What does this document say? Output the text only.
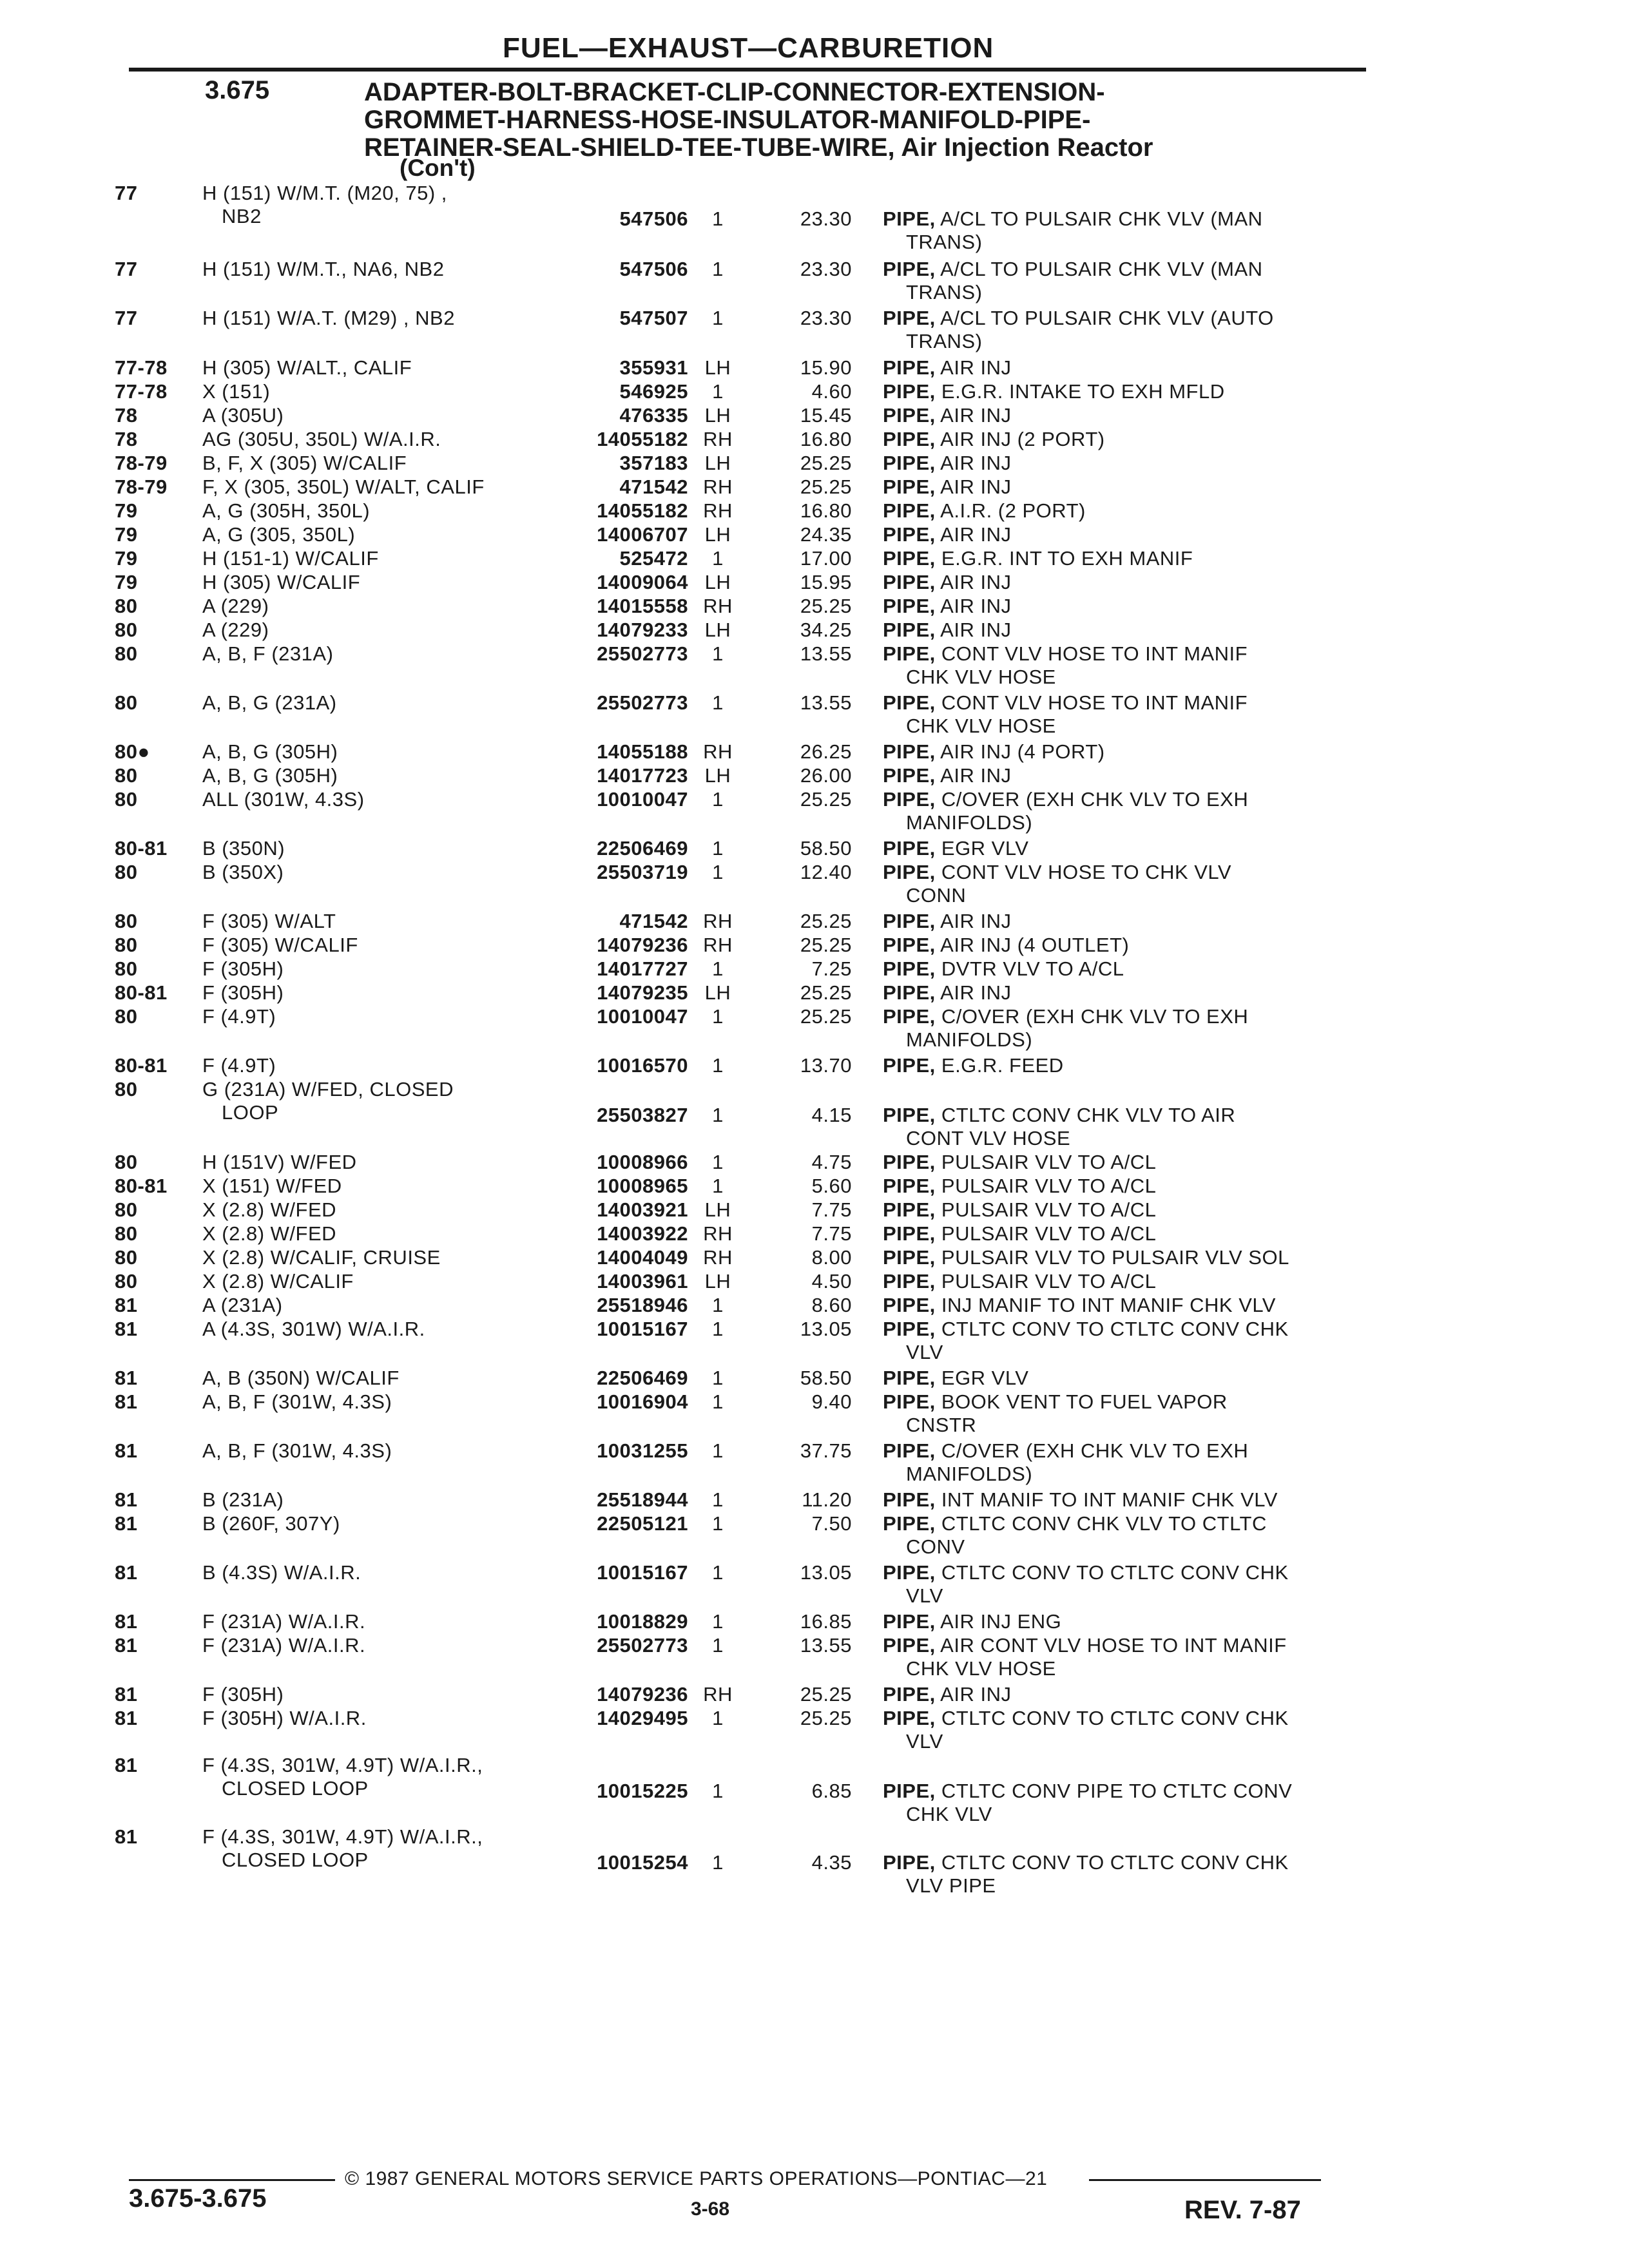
FUEL—EXHAUST—CARBURETION
3.675	ADAPTER-BOLT-BRACKET-CLIP-CONNECTOR-EXTENSION-
GROMMET-HARNESS-HOSE-INSULATOR-MANIFOLD-PIPE-
RETAINER-SEAL-SHIELD-TEE-TUBE-WIRE, Air Injection Reactor
(Con't)
77	H (151) W/M.T. (M20, 75) ,
NB2	547506	1	23.30 PIPE, A/CL TO PULSAIR CHK VLV (MAN
TRANS)
77	H (151) W/M.T., NA6, NB2	547506	1	23.30 PIPE, A/CL TO PULSAIR CHK VLV (MAN
TRANS)
77	H (151) W/A.T. (M29) , NB2	547507	1	23.30 PIPE, A/CL TO PULSAIR CHK VLV (AUTO
TRANS)
77-78 H (305) W/ALT., CALIF	355931 LH	15.90 PIPE, AIR INJ
77-78 X (151)	546925	1	4.60 PIPE, E.G.R. INTAKE TO EXH MFLD
78	A (305U)	476335 LH	15.45 PIPE, AIR INJ
78	AG (305U, 350L) W/A.I.R.	14055182 RH	16.80 PIPE, AIR INJ (2 PORT)
78-79 B, F, X (305) W/CALIF	357183 LH	25.25 PIPE, AIR INJ
78-79 F, X (305, 350L) W/ALT, CALIF	471542 RH	25.25 PIPE, AIR INJ
79	A, G (305H, 350L)	14055182 RH	16.80 PIPE, A.I.R. (2 PORT)
79	A, G (305, 350L)	14006707 LH	24.35 PIPE, AIR INJ
79	H (151-1) W/CALIF	525472	1	17.00 PIPE, E.G.R. INT TO EXH MANIF
79	H (305) W/CALIF	14009064 LH	15.95 PIPE, AIR INJ
80	A (229)	14015558 RH	25.25 PIPE, AIR INJ
80	A (229)	14079233 LH	34.25 PIPE, AIR INJ
80	A, B, F (231A)	25502773	1	13.55 PIPE, CONT VLV HOSE TO INT MANIF
CHK VLV HOSE
80	A, B, G (231A)	25502773	1	13.55 PIPE, CONT VLV HOSE TO INT MANIF
CHK VLV HOSE
80●	A, B, G (305H)	14055188 RH	26.25 PIPE, AIR INJ (4 PORT)
80	A, B, G (305H)	14017723 LH	26.00 PIPE, AIR INJ
80	ALL (301W, 4.3S)	10010047	1	25.25 PIPE, C/OVER (EXH CHK VLV TO EXH
MANIFOLDS)
80-81 B (350N)	22506469	1	58.50 PIPE, EGR VLV
80	B (350X)	25503719	1	12.40 PIPE, CONT VLV HOSE TO CHK VLV
CONN
80	F (305) W/ALT	471542 RH	25.25 PIPE, AIR INJ
80	F (305) W/CALIF	14079236 RH	25.25 PIPE, AIR INJ (4 OUTLET)
80	F (305H)	14017727	1	7.25 PIPE, DVTR VLV TO A/CL
80-81 F (305H)	14079235 LH	25.25 PIPE, AIR INJ
80	F (4.9T)	10010047	1	25.25 PIPE, C/OVER (EXH CHK VLV TO EXH
MANIFOLDS)
80-81 F (4.9T)	10016570	1	13.70 PIPE, E.G.R. FEED
80	G (231A) W/FED, CLOSED
LOOP	25503827	1	4.15 PIPE, CTLTC CONV CHK VLV TO AIR
CONT VLV HOSE
80	H (151V) W/FED	10008966	1	4.75 PIPE, PULSAIR VLV TO A/CL
80-81 X (151) W/FED	10008965	1	5.60 PIPE, PULSAIR VLV TO A/CL
80	X (2.8) W/FED	14003921 LH	7.75 PIPE, PULSAIR VLV TO A/CL
80	X (2.8) W/FED	14003922 RH	7.75 PIPE, PULSAIR VLV TO A/CL
80	X (2.8) W/CALIF, CRUISE	14004049 RH	8.00 PIPE, PULSAIR VLV TO PULSAIR VLV SOL
80	X (2.8) W/CALIF	14003961 LH	4.50 PIPE, PULSAIR VLV TO A/CL
81	A (231A)	25518946	1	8.60 PIPE, INJ MANIF TO INT MANIF CHK VLV
81	A (4.3S, 301W) W/A.I.R.	10015167	1	13.05 PIPE, CTLTC CONV TO CTLTC CONV CHK
VLV
81	A, B (350N) W/CALIF	22506469	1	58.50 PIPE, EGR VLV
81	A, B, F (301W, 4.3S)	10016904	1	9.40 PIPE, BOOK VENT TO FUEL VAPOR
CNSTR
81	A, B, F (301W, 4.3S)	10031255	1	37.75 PIPE, C/OVER (EXH CHK VLV TO EXH
MANIFOLDS)
81	B (231A)	25518944	1	11.20 PIPE, INT MANIF TO INT MANIF CHK VLV
81	B (260F, 307Y)	22505121	1	7.50 PIPE, CTLTC CONV CHK VLV TO CTLTC
CONV
81	B (4.3S) W/A.I.R.	10015167	1	13.05 PIPE, CTLTC CONV TO CTLTC CONV CHK
VLV
81	F (231A) W/A.I.R.	10018829	1	16.85 PIPE, AIR INJ ENG
81	F (231A) W/A.I.R.	25502773	1	13.55 PIPE, AIR CONT VLV HOSE TO INT MANIF
CHK VLV HOSE
81	F (305H)	14079236 RH	25.25 PIPE, AIR INJ
81	F (305H) W/A.I.R.	14029495	1	25.25 PIPE, CTLTC CONV TO CTLTC CONV CHK
VLV
81	F (4.3S, 301W, 4.9T) W/A.I.R.,
CLOSED LOOP	10015225	1	6.85 PIPE, CTLTC CONV PIPE TO CTLTC CONV
CHK VLV
81	F (4.3S, 301W, 4.9T) W/A.I.R.,
CLOSED LOOP	10015254	1	4.35 PIPE, CTLTC CONV TO CTLTC CONV CHK
VLV PIPE
3.675-3.675
© 1987 GENERAL MOTORS SERVICE PARTS OPERATIONS—PONTIAC—21
3-68	REV. 7-87
